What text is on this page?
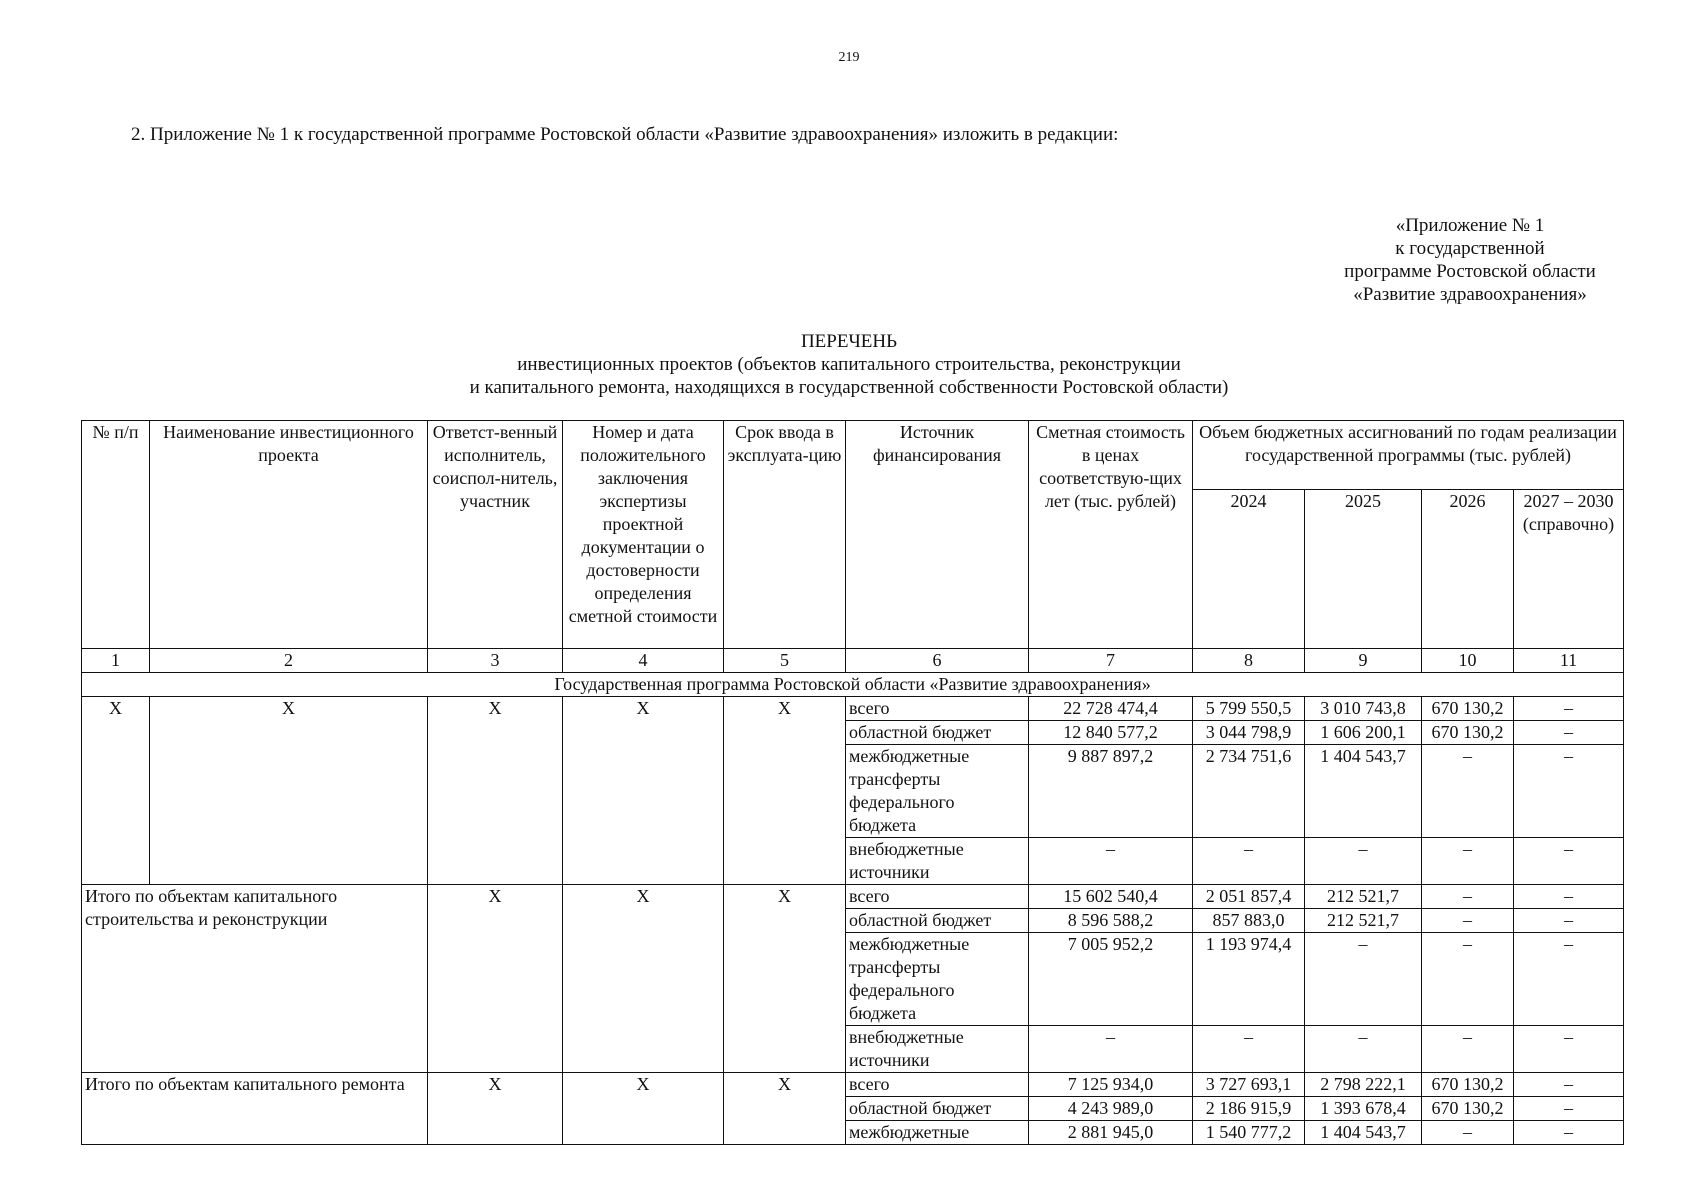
219
2. Приложение № 1 к государственной программе Ростовской области «Развитие здравоохранения» изложить в редакции:
«Приложение № 1
к государственной
программе Ростовской области
«Развитие здравоохранения»
ПЕРЕЧЕНЬ
инвестиционных проектов (объектов капитального строительства, реконструкции
и капитального ремонта, находящихся в государственной собственности Ростовской области)
№ п/п	Наименование инвестиционного проекта	Ответст-венный исполнитель, соиспол-нитель, участник	Номер и дата положительного заключения экспертизы проектной документации о достоверности определения сметной стоимости	Срок ввода в эксплуата-цию	Источник финансирования	Сметная стоимость в ценах соответствую-щих лет (тыс. рублей)	Объем бюджетных ассигнований по годам реализации государственной программы (тыс. рублей)			
							2024	2025	2026	2027 – 2030 (справочно)
1	2	3	4	5	6	7	8	9	10	11
Государственная программа Ростовской области «Развитие здравоохранения»										
X	X	X	X	X	всего	22 728 474,4	5 799 550,5	3 010 743,8	670 130,2	–
					областной бюджет	12 840 577,2	3 044 798,9	1 606 200,1	670 130,2	–
					межбюджетные трансферты федерального бюджета	9 887 897,2	2 734 751,6	1 404 543,7	–	–
					внебюджетные источники	–	–	–	–	–
Итого по объектам капитального строительства и реконструкции		X	X	X	всего	15 602 540,4	2 051 857,4	212 521,7	–	–
					областной бюджет	8 596 588,2	857 883,0	212 521,7	–	–
					межбюджетные трансферты федерального бюджета	7 005 952,2	1 193 974,4	–	–	–
					внебюджетные источники	–	–	–	–	–
Итого по объектам капитального ремонта		X	X	X	всего	7 125 934,0	3 727 693,1	2 798 222,1	670 130,2	–
					областной бюджет	4 243 989,0	2 186 915,9	1 393 678,4	670 130,2	–
					межбюджетные	2 881 945,0	1 540 777,2	1 404 543,7	–	–
